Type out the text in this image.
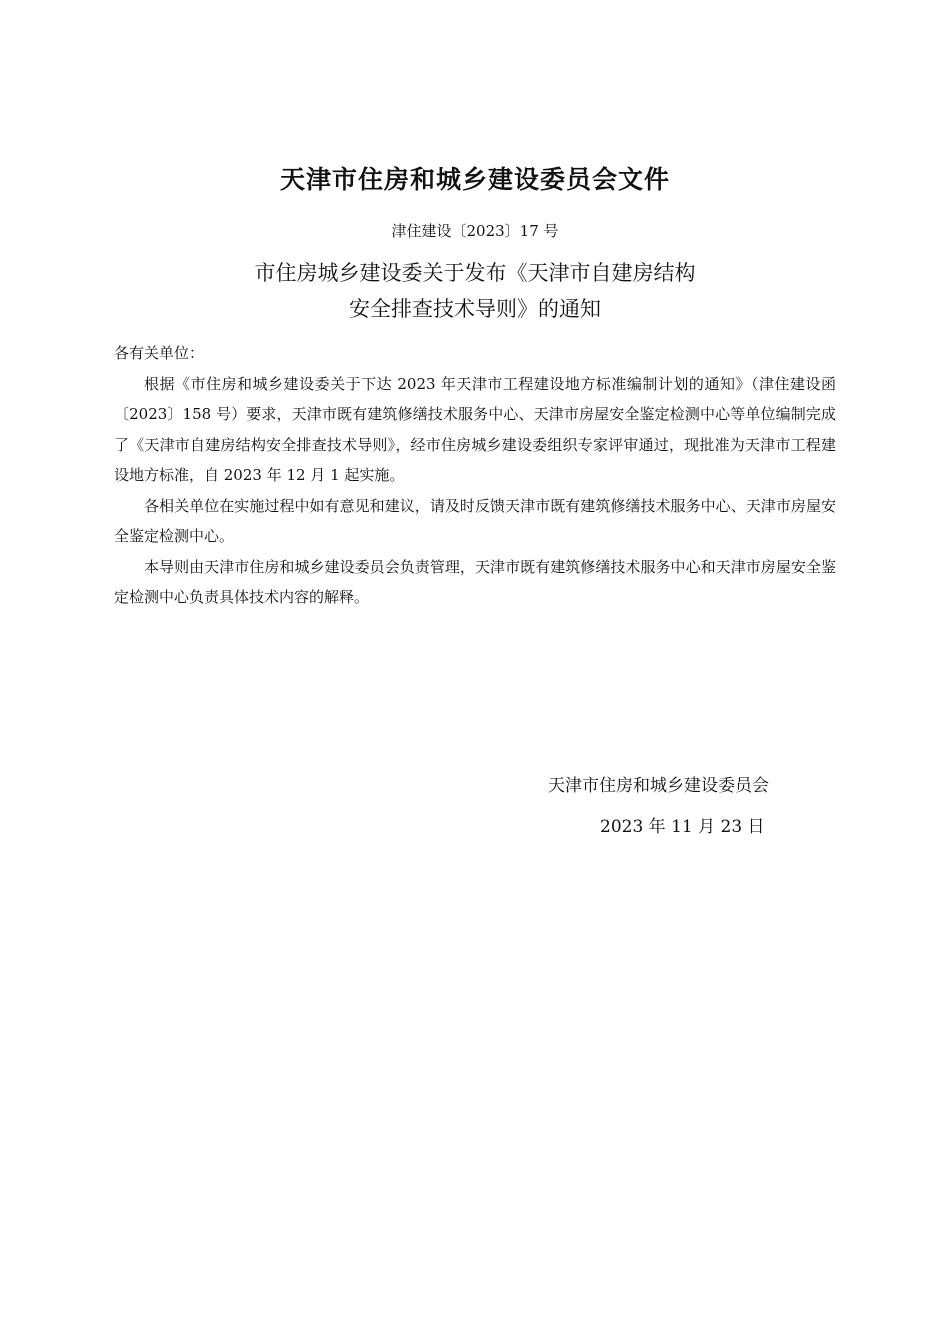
天津市住房和城乡建设委员会文件
津住建设〔2023〕17 号
市住房城乡建设委关于发布《天津市自建房结构
安全排查技术导则》的通知

各有关单位：

根据《市住房和城乡建设委关于下达 2023 年天津市工程建设地方标准编制计划的通知》（津住建设函〔2023〕158 号）要求，天津市既有建筑修缮技术服务中心、天津市房屋安全鉴定检测中心等单位编制完成了《天津市自建房结构安全排查技术导则》，经市住房城乡建设委组织专家评审通过，现批准为天津市工程建设地方标准，自 2023 年 12 月 1 起实施。

各相关单位在实施过程中如有意见和建议，请及时反馈天津市既有建筑修缮技术服务中心、天津市房屋安全鉴定检测中心。

本导则由天津市住房和城乡建设委员会负责管理，天津市既有建筑修缮技术服务中心和天津市房屋安全鉴定检测中心负责具体技术内容的解释。

天津市住房和城乡建设委员会
2023 年 11 月 23 日
